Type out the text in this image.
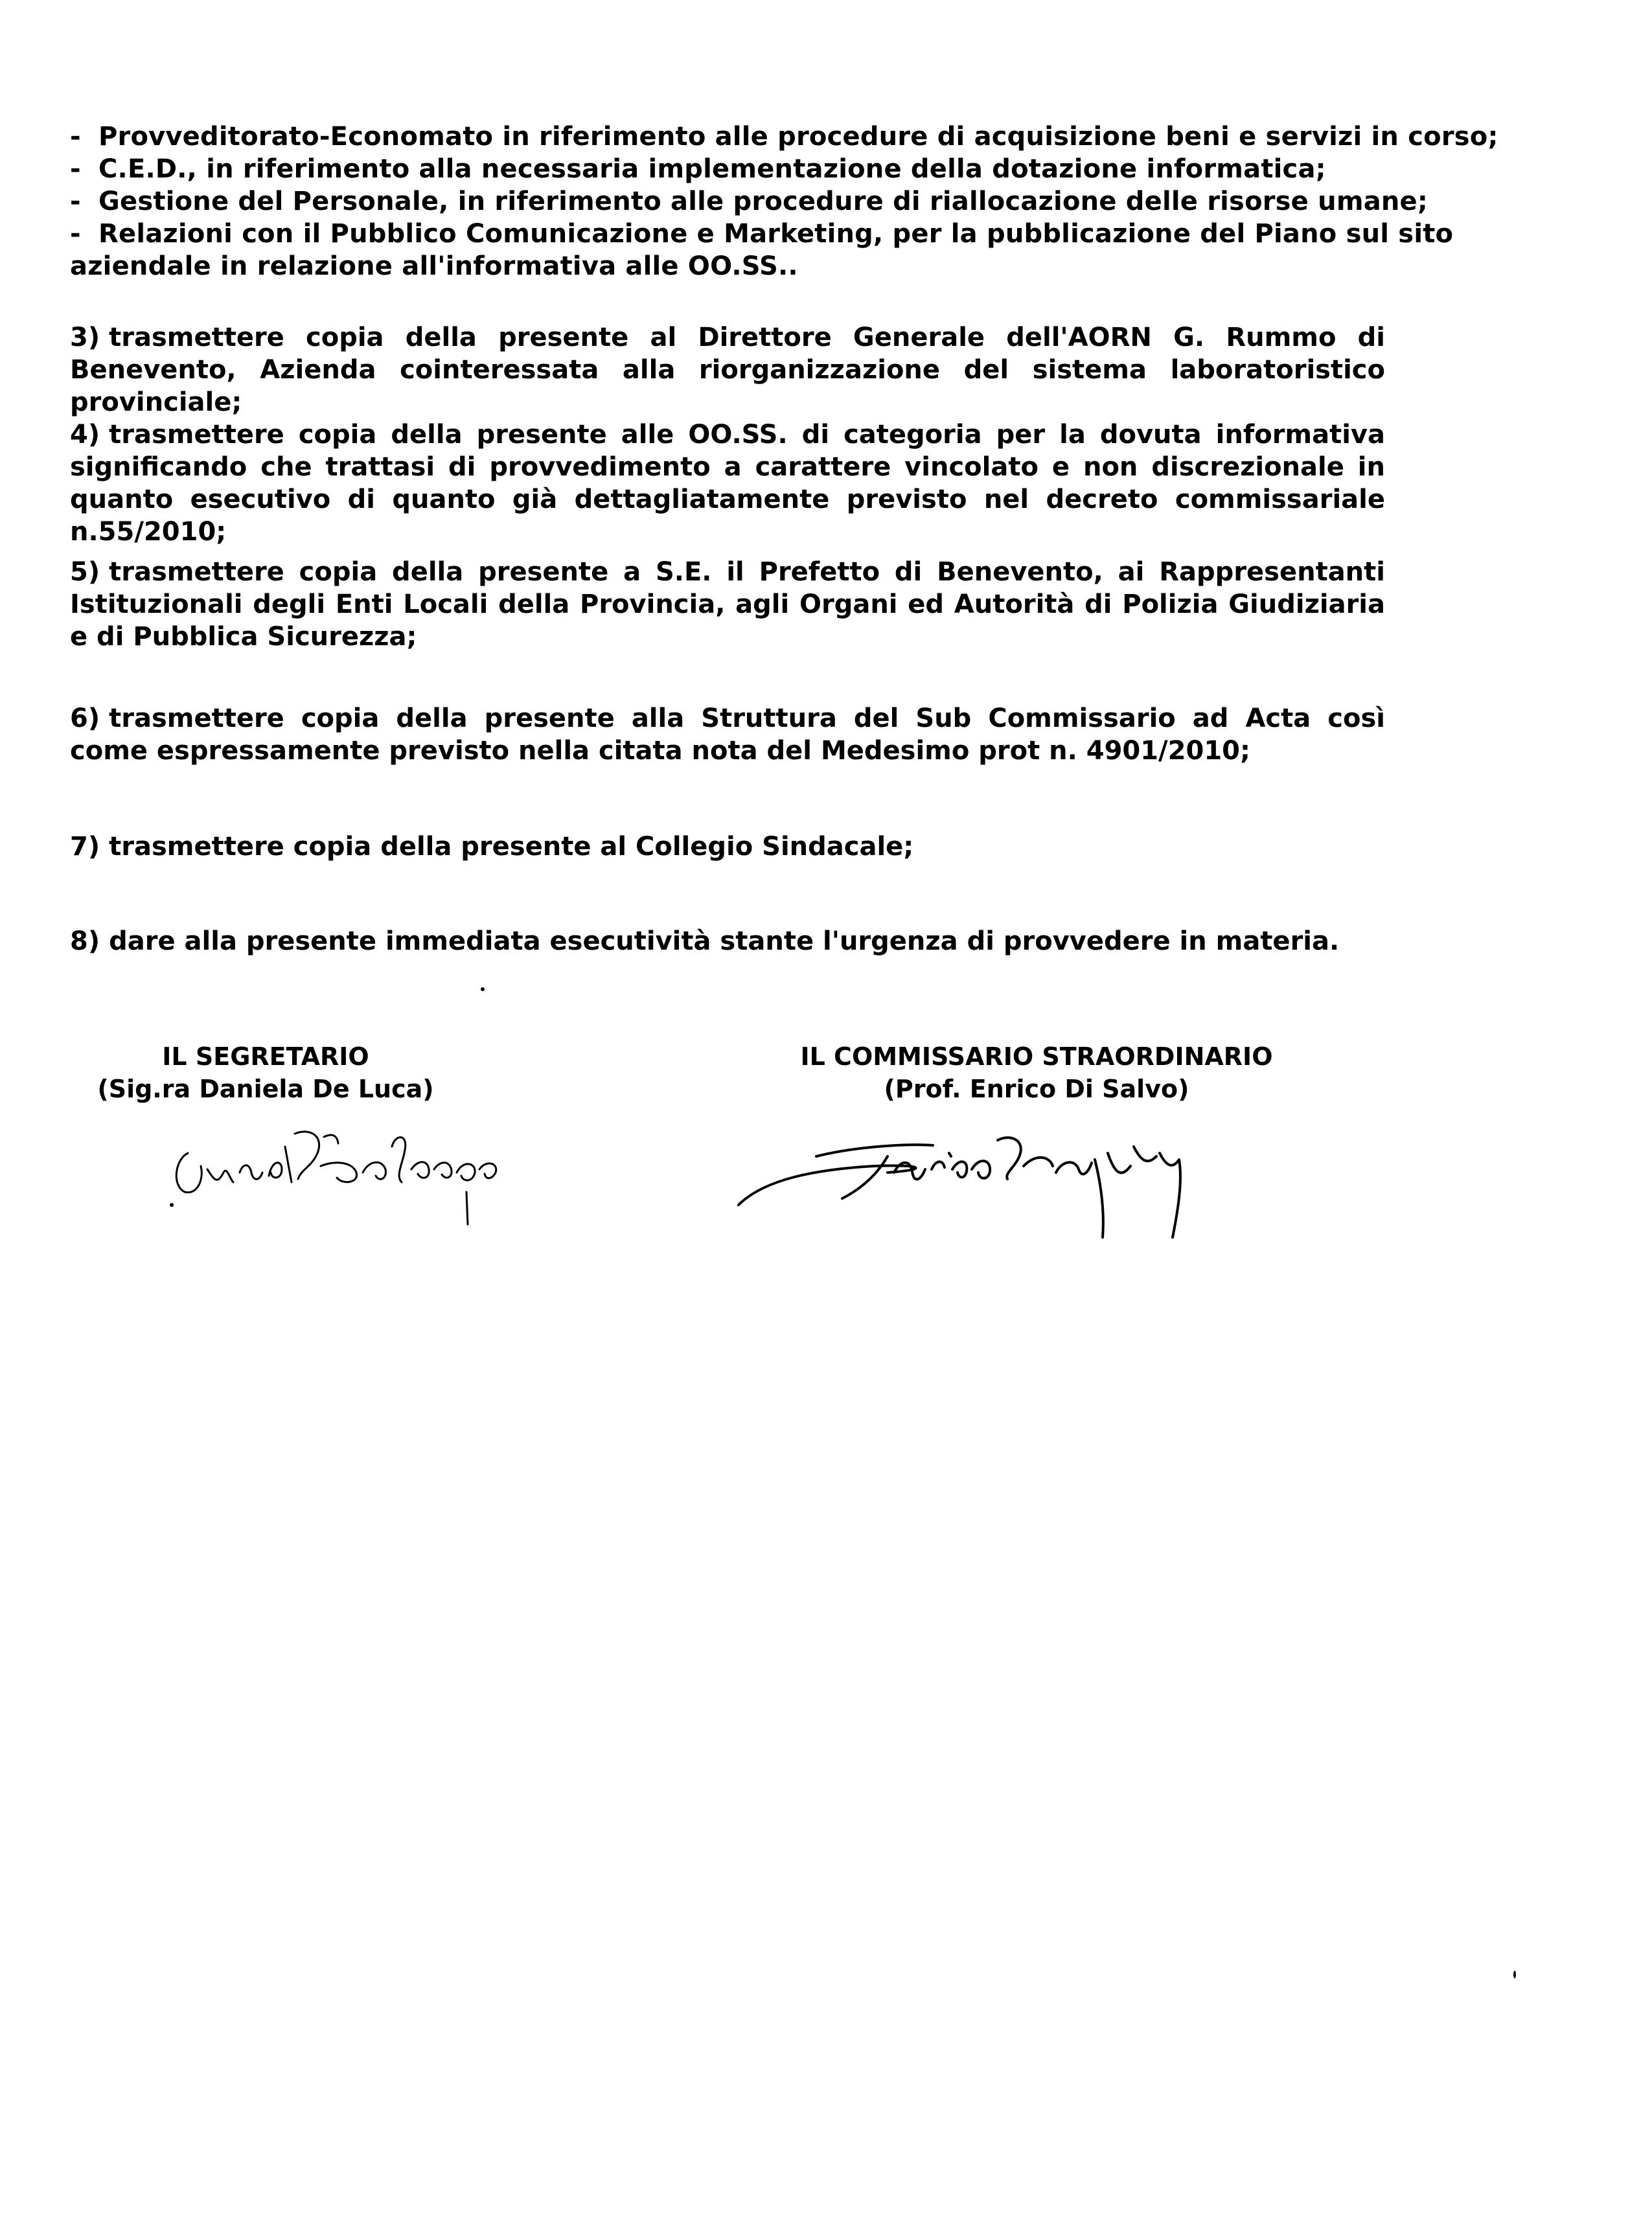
- Provveditorato-Economato in riferimento alle procedure di acquisizione beni e servizi in corso;
- C.E.D., in riferimento alla necessaria implementazione della dotazione informatica;
- Gestione del Personale, in riferimento alle procedure di riallocazione delle risorse umane;
- Relazioni con il Pubblico Comunicazione e Marketing, per la pubblicazione del Piano sul sito
aziendale in relazione all'informativa alle OO.SS..
3) trasmettere copia della presente al Direttore Generale dell'AORN G. Rummo di Benevento, Azienda cointeressata alla riorganizzazione del sistema laboratoristico provinciale;
4) trasmettere copia della presente alle OO.SS. di categoria per la dovuta informativa significando che trattasi di provvedimento a carattere vincolato e non discrezionale in quanto esecutivo di quanto già dettagliatamente previsto nel decreto commissariale n.55/2010;
5) trasmettere copia della presente a S.E. il Prefetto di Benevento, ai Rappresentanti Istituzionali degli Enti Locali della Provincia, agli Organi ed Autorità di Polizia Giudiziaria e di Pubblica Sicurezza;
6) trasmettere copia della presente alla Struttura del Sub Commissario ad Acta così come espressamente previsto nella citata nota del Medesimo prot n. 4901/2010;
7) trasmettere copia della presente al Collegio Sindacale;
8) dare alla presente immediata esecutività stante l'urgenza di provvedere in materia.
IL SEGRETARIO
(Sig.ra Daniela De Luca)
IL COMMISSARIO STRAORDINARIO
(Prof. Enrico Di Salvo)
